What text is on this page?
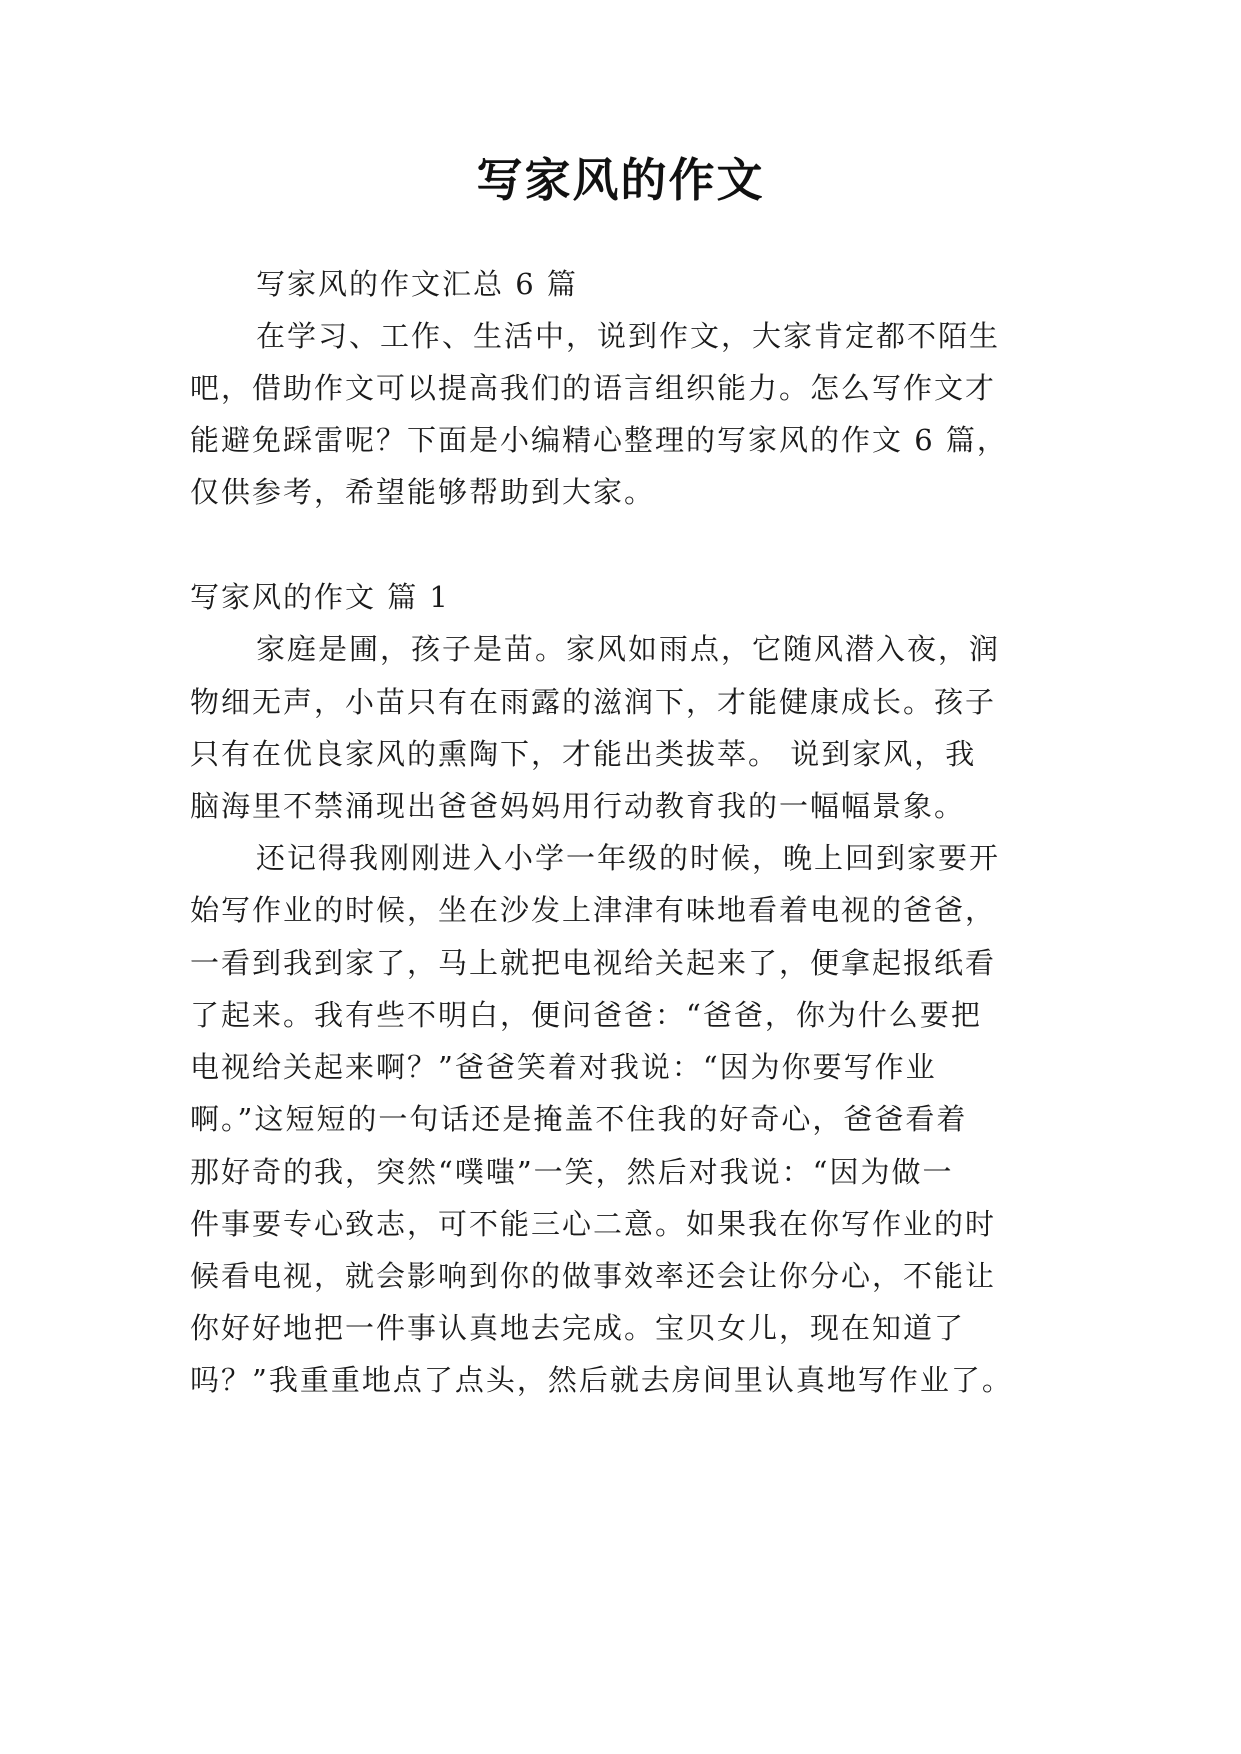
写家风的作文
写家风的作文汇总 6 篇
在学习、工作、生活中，说到作文，大家肯定都不陌生
吧，借助作文可以提高我们的语言组织能力。怎么写作文才
能避免踩雷呢？下面是小编精心整理的写家风的作文 6 篇，
仅供参考，希望能够帮助到大家。
写家风的作文 篇 1
家庭是圃，孩子是苗。家风如雨点，它随风潜入夜，润
物细无声，小苗只有在雨露的滋润下，才能健康成长。孩子
只有在优良家风的熏陶下，才能出类拔萃。 说到家风，我
脑海里不禁涌现出爸爸妈妈用行动教育我的一幅幅景象。
还记得我刚刚进入小学一年级的时候，晚上回到家要开
始写作业的时候，坐在沙发上津津有味地看着电视的爸爸，
一看到我到家了，马上就把电视给关起来了，便拿起报纸看
了起来。我有些不明白，便问爸爸：“爸爸，你为什么要把
电视给关起来啊？”爸爸笑着对我说：“因为你要写作业
啊。”这短短的一句话还是掩盖不住我的好奇心，爸爸看着
那好奇的我，突然“噗嗤”一笑，然后对我说：“因为做一
件事要专心致志，可不能三心二意。如果我在你写作业的时
候看电视，就会影响到你的做事效率还会让你分心，不能让
你好好地把一件事认真地去完成。宝贝女儿，现在知道了
吗？”我重重地点了点头，然后就去房间里认真地写作业了。
